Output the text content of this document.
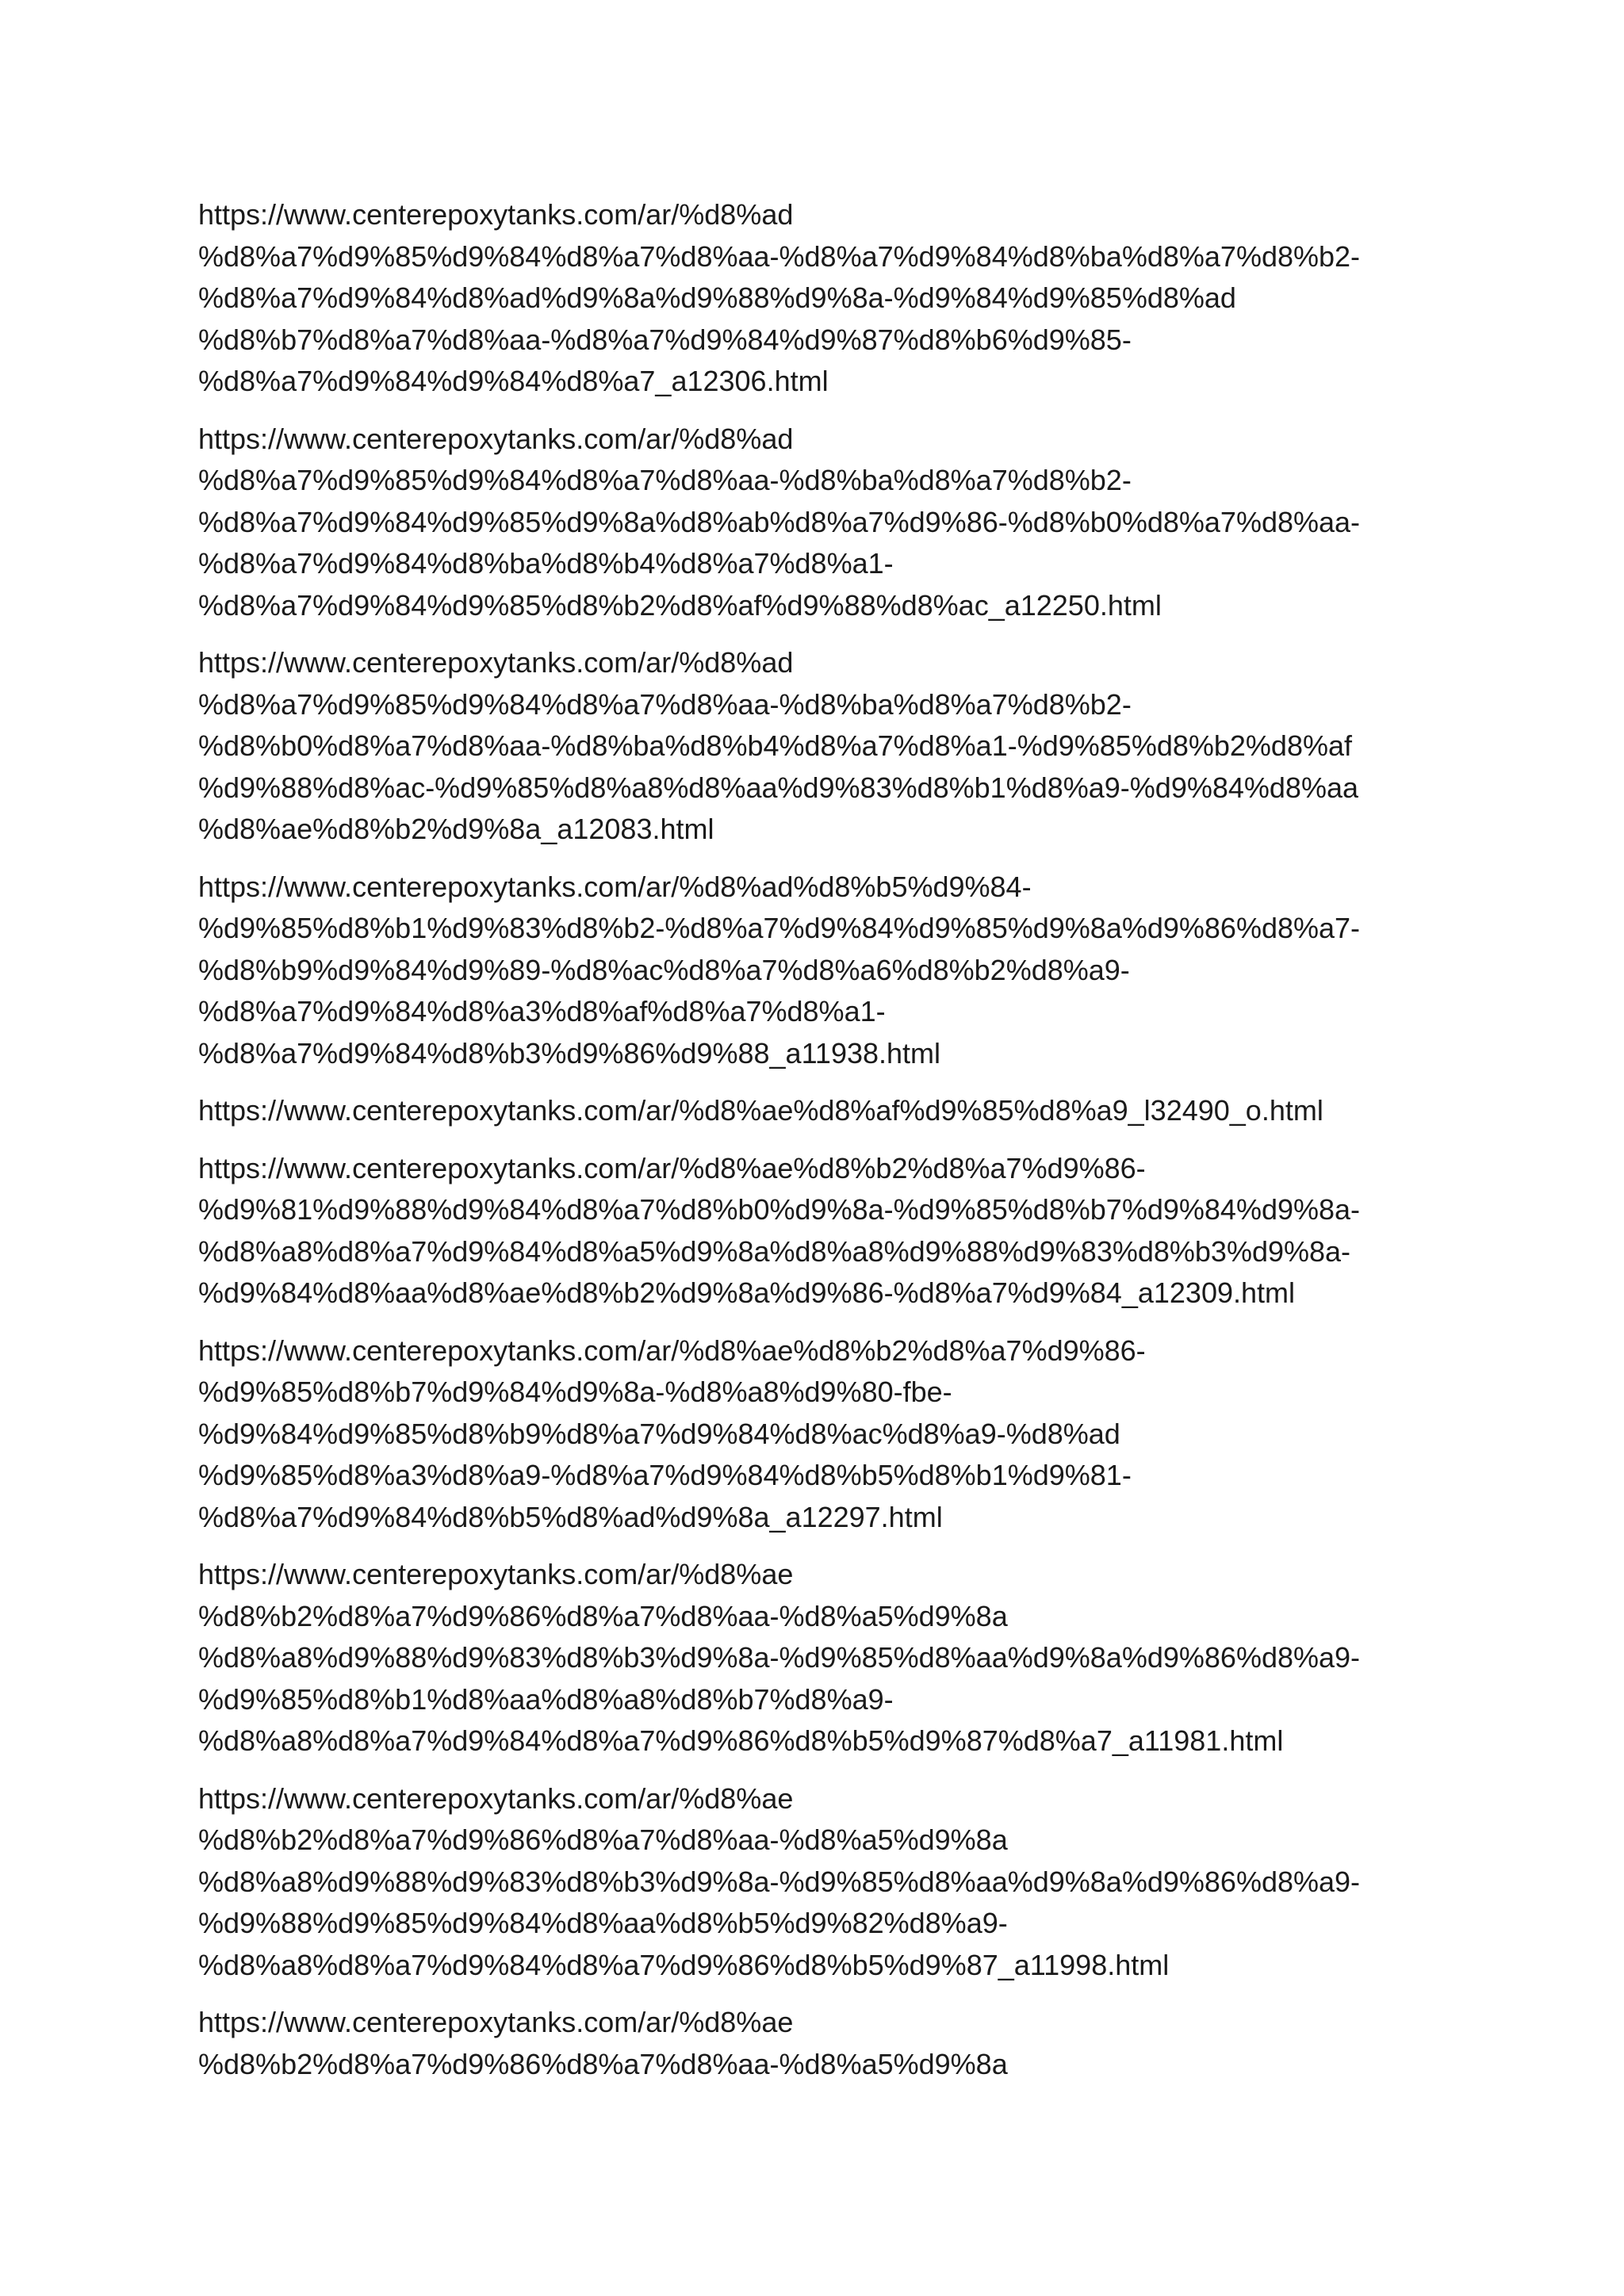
https://www.centerepoxytanks.com/ar/%d8%ad
%d8%a7%d9%85%d9%84%d8%a7%d8%aa-%d8%a7%d9%84%d8%ba%d8%a7%d8%b2-
%d8%a7%d9%84%d8%ad%d9%8a%d9%88%d9%8a-%d9%84%d9%85%d8%ad
%d8%b7%d8%a7%d8%aa-%d8%a7%d9%84%d9%87%d8%b6%d9%85-
%d8%a7%d9%84%d9%84%d8%a7_a12306.html
https://www.centerepoxytanks.com/ar/%d8%ad
%d8%a7%d9%85%d9%84%d8%a7%d8%aa-%d8%ba%d8%a7%d8%b2-
%d8%a7%d9%84%d9%85%d9%8a%d8%ab%d8%a7%d9%86-%d8%b0%d8%a7%d8%aa-
%d8%a7%d9%84%d8%ba%d8%b4%d8%a7%d8%a1-
%d8%a7%d9%84%d9%85%d8%b2%d8%af%d9%88%d8%ac_a12250.html
https://www.centerepoxytanks.com/ar/%d8%ad
%d8%a7%d9%85%d9%84%d8%a7%d8%aa-%d8%ba%d8%a7%d8%b2-
%d8%b0%d8%a7%d8%aa-%d8%ba%d8%b4%d8%a7%d8%a1-%d9%85%d8%b2%d8%af
%d9%88%d8%ac-%d9%85%d8%a8%d8%aa%d9%83%d8%b1%d8%a9-%d9%84%d8%aa
%d8%ae%d8%b2%d9%8a_a12083.html
https://www.centerepoxytanks.com/ar/%d8%ad%d8%b5%d9%84-
%d9%85%d8%b1%d9%83%d8%b2-%d8%a7%d9%84%d9%85%d9%8a%d9%86%d8%a7-
%d8%b9%d9%84%d9%89-%d8%ac%d8%a7%d8%a6%d8%b2%d8%a9-
%d8%a7%d9%84%d8%a3%d8%af%d8%a7%d8%a1-
%d8%a7%d9%84%d8%b3%d9%86%d9%88_a11938.html
https://www.centerepoxytanks.com/ar/%d8%ae%d8%af%d9%85%d8%a9_l32490_o.html
https://www.centerepoxytanks.com/ar/%d8%ae%d8%b2%d8%a7%d9%86-
%d9%81%d9%88%d9%84%d8%a7%d8%b0%d9%8a-%d9%85%d8%b7%d9%84%d9%8a-
%d8%a8%d8%a7%d9%84%d8%a5%d9%8a%d8%a8%d9%88%d9%83%d8%b3%d9%8a-
%d9%84%d8%aa%d8%ae%d8%b2%d9%8a%d9%86-%d8%a7%d9%84_a12309.html
https://www.centerepoxytanks.com/ar/%d8%ae%d8%b2%d8%a7%d9%86-
%d9%85%d8%b7%d9%84%d9%8a-%d8%a8%d9%80-fbe-
%d9%84%d9%85%d8%b9%d8%a7%d9%84%d8%ac%d8%a9-%d8%ad
%d9%85%d8%a3%d8%a9-%d8%a7%d9%84%d8%b5%d8%b1%d9%81-
%d8%a7%d9%84%d8%b5%d8%ad%d9%8a_a12297.html
https://www.centerepoxytanks.com/ar/%d8%ae
%d8%b2%d8%a7%d9%86%d8%a7%d8%aa-%d8%a5%d9%8a
%d8%a8%d9%88%d9%83%d8%b3%d9%8a-%d9%85%d8%aa%d9%8a%d9%86%d8%a9-
%d9%85%d8%b1%d8%aa%d8%a8%d8%b7%d8%a9-
%d8%a8%d8%a7%d9%84%d8%a7%d9%86%d8%b5%d9%87%d8%a7_a11981.html
https://www.centerepoxytanks.com/ar/%d8%ae
%d8%b2%d8%a7%d9%86%d8%a7%d8%aa-%d8%a5%d9%8a
%d8%a8%d9%88%d9%83%d8%b3%d9%8a-%d9%85%d8%aa%d9%8a%d9%86%d8%a9-
%d9%88%d9%85%d9%84%d8%aa%d8%b5%d9%82%d8%a9-
%d8%a8%d8%a7%d9%84%d8%a7%d9%86%d8%b5%d9%87_a11998.html
https://www.centerepoxytanks.com/ar/%d8%ae
%d8%b2%d8%a7%d9%86%d8%a7%d8%aa-%d8%a5%d9%8a
